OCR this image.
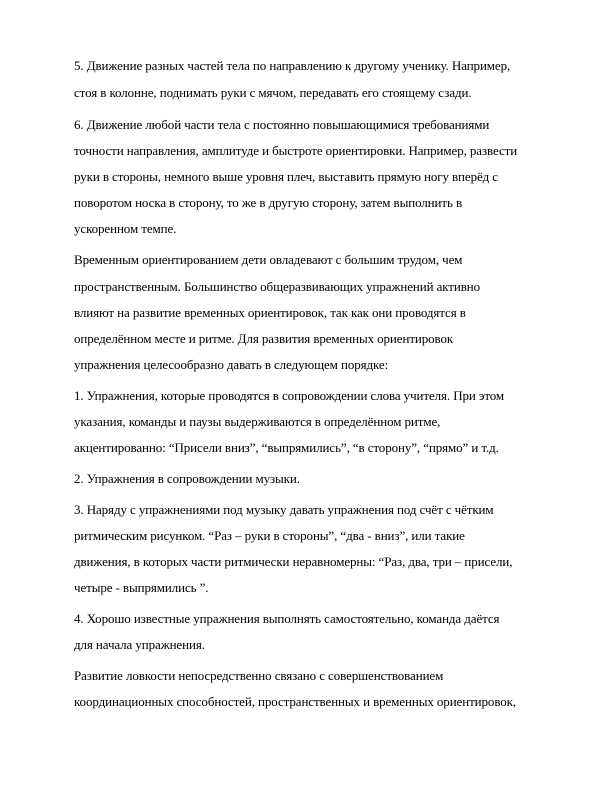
5. Движение разных частей тела по направлению к другому ученику. Например,
стоя в колонне, поднимать руки с мячом, передавать его стоящему сзади.
6. Движение любой части тела с постоянно повышающимися требованиями
точности направления, амплитуде и быстроте ориентировки. Например, развести
руки в стороны, немного выше уровня плеч, выставить прямую ногу вперёд с
поворотом носка в сторону, то же в другую сторону, затем выполнить в
ускоренном темпе.
Временным ориентированием дети овладевают с большим трудом, чем
пространственным. Большинство общеразвивающих упражнений активно
влияют на развитие временных ориентировок, так как они проводятся в
определённом месте и ритме. Для развития временных ориентировок
упражнения целесообразно давать в следующем порядке:
1. Упражнения, которые проводятся в сопровождении слова учителя. При этом
указания, команды и паузы выдерживаются в определённом ритме,
акцентированно: “Присели вниз”, “выпрямились”, “в сторону”, “прямо” и т.д.
2. Упражнения в сопровождении музыки.
3. Наряду с упражнениями под музыку давать упражнения под счёт с чётким
ритмическим рисунком. “Раз – руки в стороны”, “два - вниз”, или такие
движения, в которых части ритмически неравномерны: “Раз, два, три – присели,
четыре - выпрямились ”.
4. Хорошо известные упражнения выполнять самостоятельно, команда даётся
для начала упражнения.
Развитие ловкости непосредственно связано с совершенствованием
координационных способностей, пространственных и временных ориентировок,
